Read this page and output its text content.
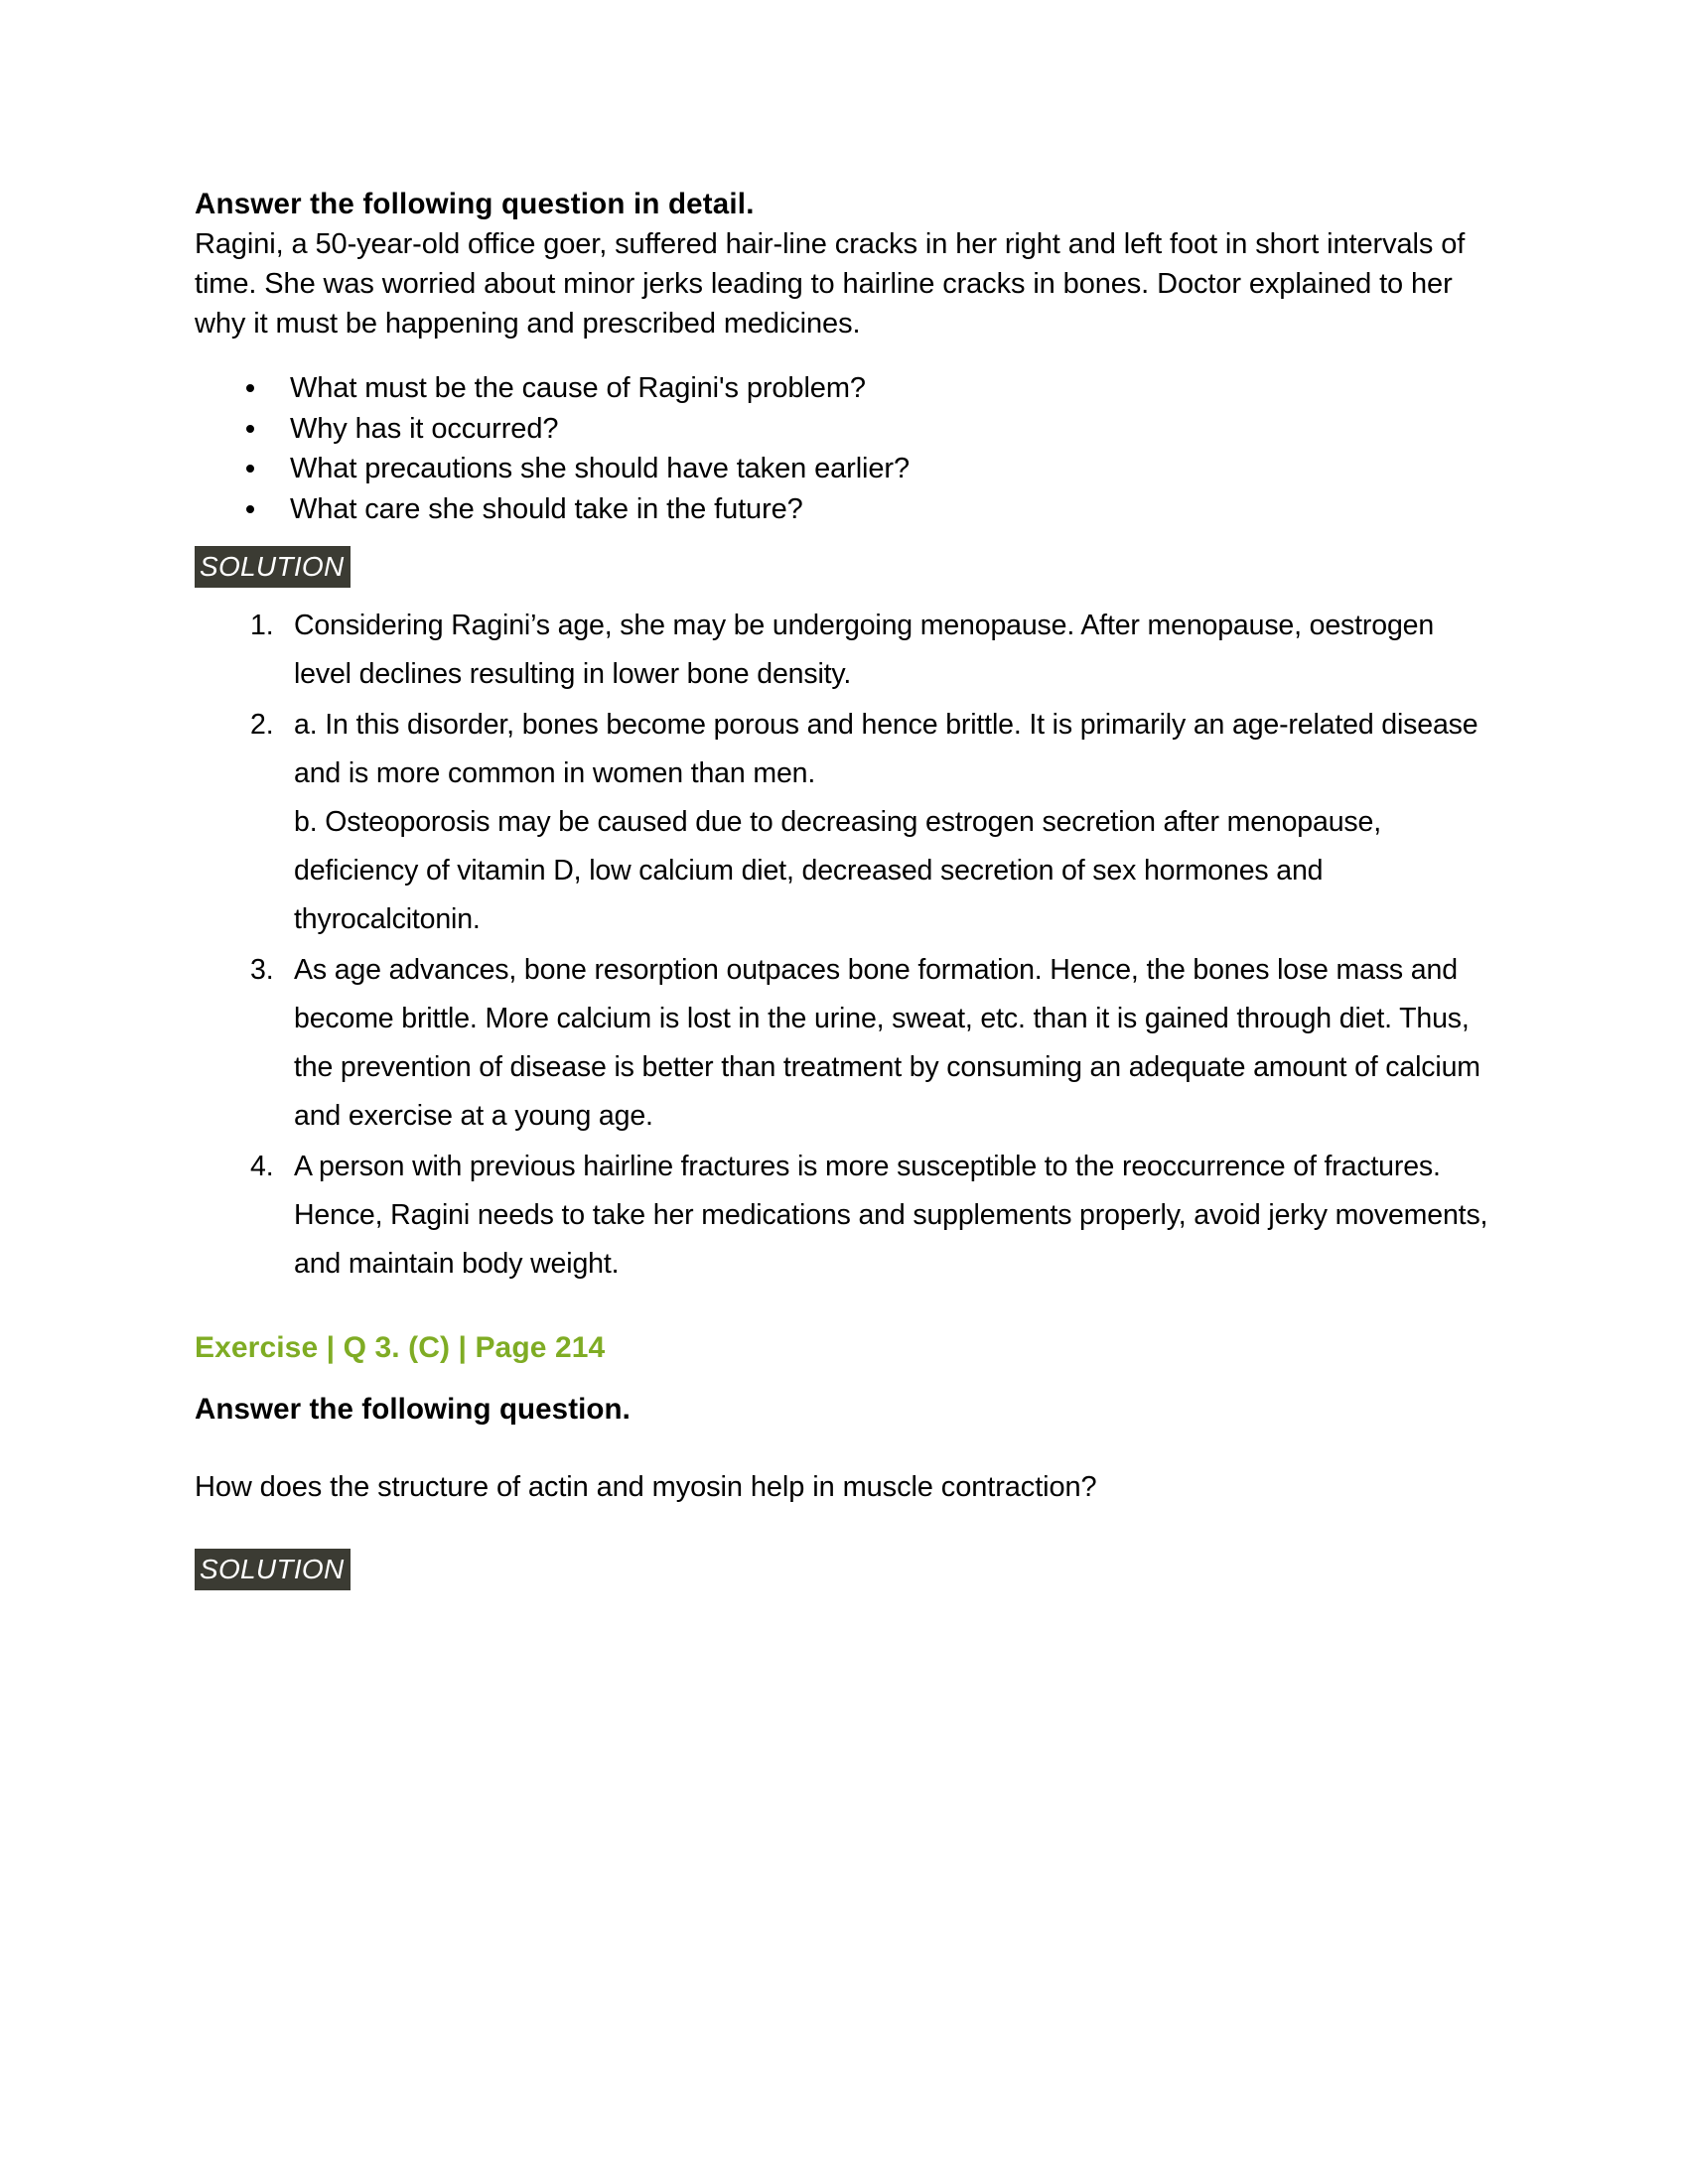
Answer the following question in detail.

Ragini, a 50-year-old office goer, suffered hair-line cracks in her right and left foot in short intervals of time. She was worried about minor jerks leading to hairline cracks in bones. Doctor explained to her why it must be happening and prescribed medicines.

What must be the cause of Ragini's problem?
Why has it occurred?
What precautions she should have taken earlier?
What care she should take in the future?
SOLUTION
Considering Ragini’s age, she may be undergoing menopause. After menopause, oestrogen level declines resulting in lower bone density.
a. In this disorder, bones become porous and hence brittle. It is primarily an age-related disease and is more common in women than men.
b. Osteoporosis may be caused due to decreasing estrogen secretion after menopause, deficiency of vitamin D, low calcium diet, decreased secretion of sex hormones and thyrocalcitonin.
As age advances, bone resorption outpaces bone formation. Hence, the bones lose mass and become brittle. More calcium is lost in the urine, sweat, etc. than it is gained through diet. Thus, the prevention of disease is better than treatment by consuming an adequate amount of calcium and exercise at a young age.
A person with previous hairline fractures is more susceptible to the reoccurrence of fractures. Hence, Ragini needs to take her medications and supplements properly, avoid jerky movements, and maintain body weight.
Exercise | Q 3. (C) | Page 214
Answer the following question.

How does the structure of actin and myosin help in muscle contraction?

SOLUTION
